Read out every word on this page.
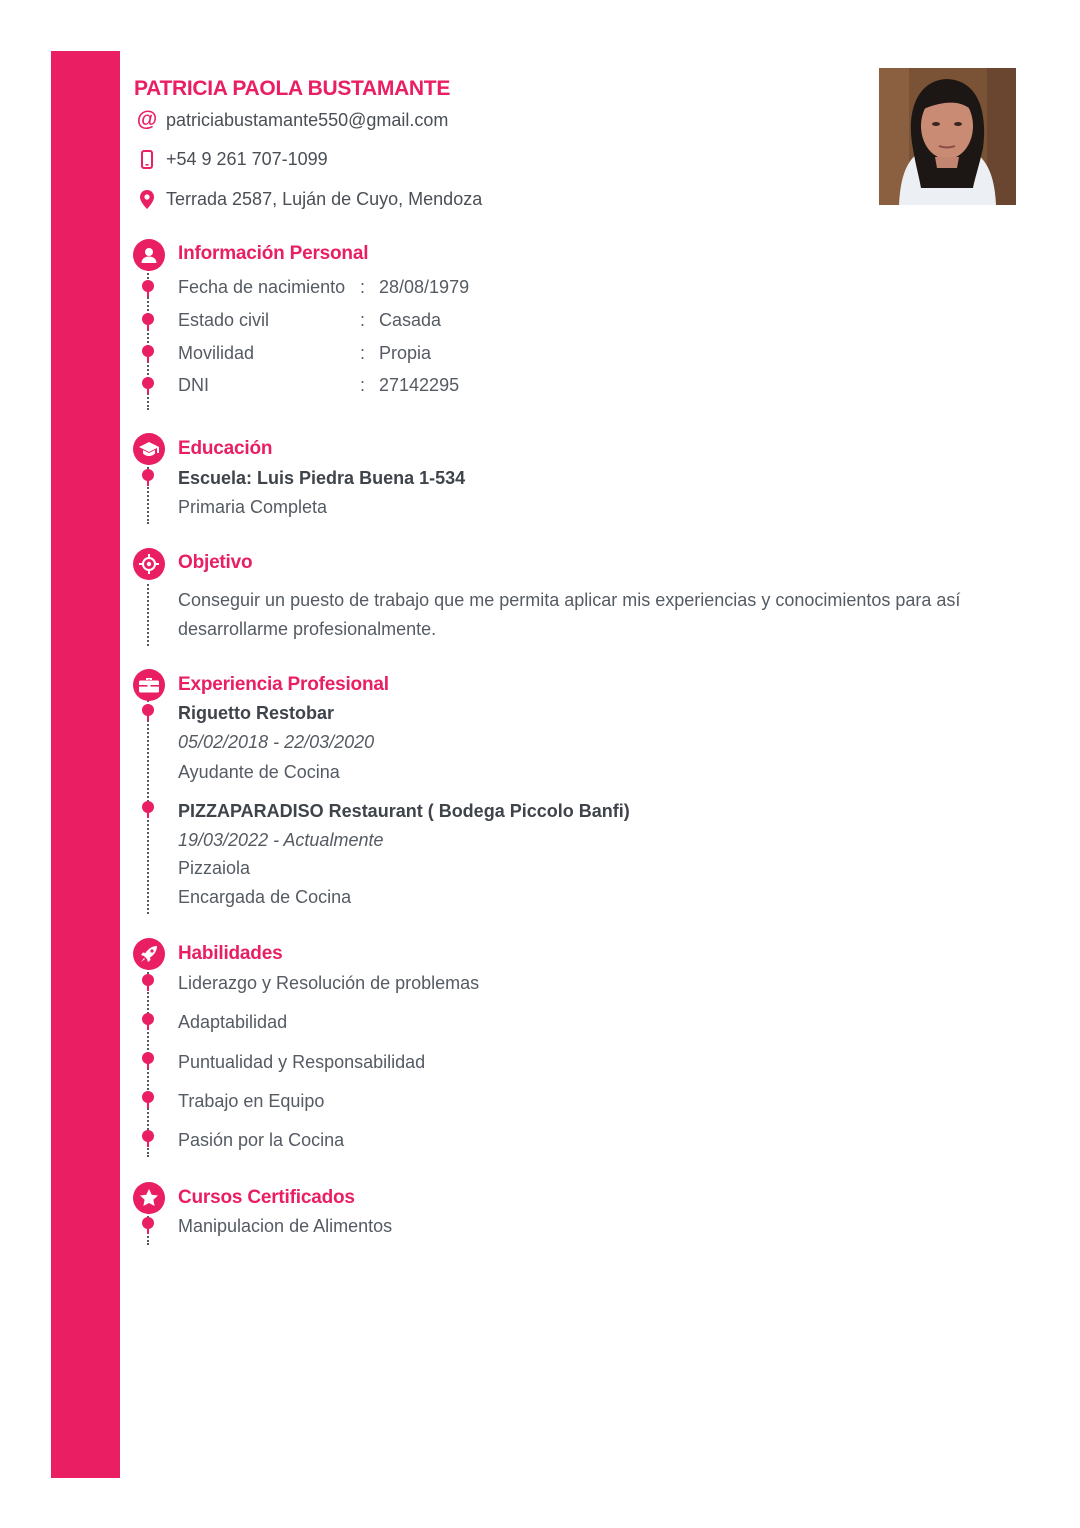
PATRICIA PAOLA BUSTAMANTE
@ patriciabustamante550@gmail.com
+54 9 261 707-1099
Terrada 2587, Luján de Cuyo, Mendoza
Información Personal
Fecha de nacimiento : 28/08/1979
Estado civil	: Casada
Movilidad	: Propia
DNI	: 27142295
Educación
Escuela: Luis Piedra Buena 1-534
Primaria Completa
Objetivo
Conseguir un puesto de trabajo que me permita aplicar mis experiencias y conocimientos para así desarrollarme profesionalmente.
Experiencia Profesional
Riguetto Restobar
05/02/2018 - 22/03/2020
Ayudante de Cocina
PIZZAPARADISO Restaurant ( Bodega Piccolo Banfi)
19/03/2022 - Actualmente
Pizzaiola
Encargada de Cocina
Habilidades
Liderazgo y Resolución de problemas
Adaptabilidad
Puntualidad y Responsabilidad
Trabajo en Equipo
Pasión por la Cocina
Cursos Certificados
Manipulacion de Alimentos
